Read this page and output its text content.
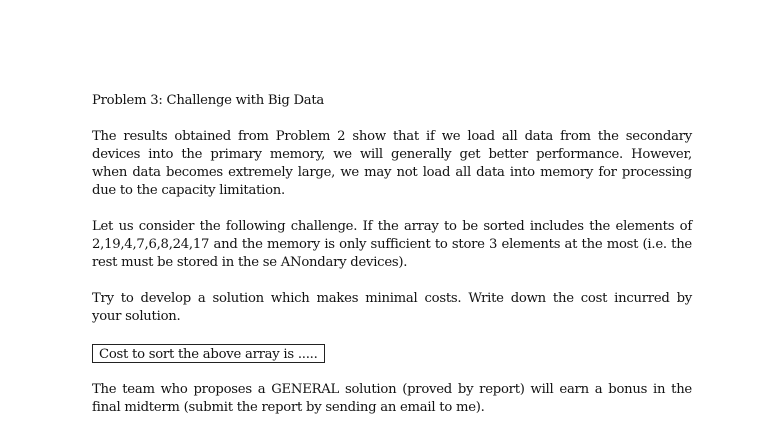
Problem 3: Challenge with Big Data
The results obtained from Problem 2 show that if we load all data from the secondary
devices into the primary memory, we will generally get better performance. However,
when data becomes extremely large, we may not load all data into memory for processing
due to the capacity limitation.
Let us consider the following challenge. If the array to be sorted includes the elements of
2,19,4,7,6,8,24,17 and the memory is only sufficient to store 3 elements at the most (i.e. the
rest must be stored in the se ANondary devices).
Try to develop a solution which makes minimal costs. Write down the cost incurred by
your solution.
Cost to sort the above array is .....
The team who proposes a GENERAL solution (proved by report) will earn a bonus in the
final midterm (submit the report by sending an email to me).
